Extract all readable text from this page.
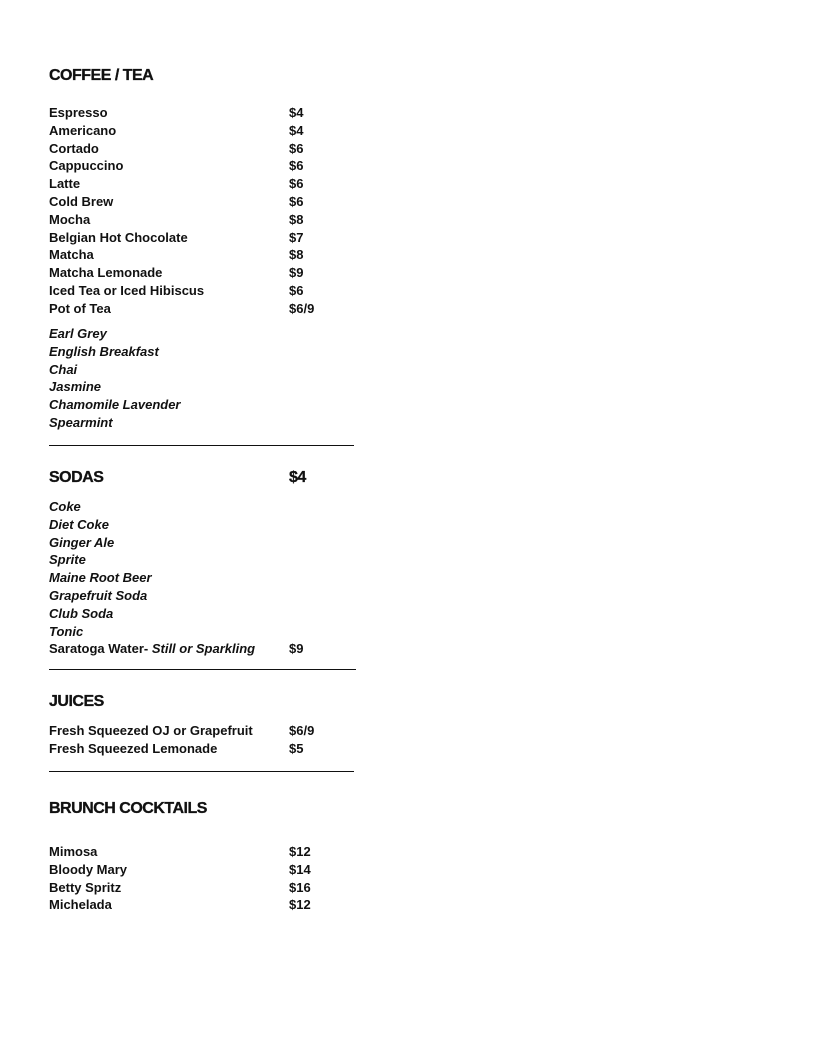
COFFEE / TEA
Espresso	$4
Americano	$4
Cortado	$6
Cappuccino	$6
Latte	$6
Cold Brew	$6
Mocha	$8
Belgian Hot Chocolate	$7
Matcha	$8
Matcha Lemonade	$9
Iced Tea or Iced Hibiscus	$6
Pot of Tea	$6/9
Earl Grey
English Breakfast
Chai
Jasmine
Chamomile Lavender
Spearmint
SODAS	$4
Coke
Diet Coke
Ginger Ale
Sprite
Maine Root Beer
Grapefruit Soda
Club Soda
Tonic
Saratoga Water- Still or Sparkling	$9
JUICES
Fresh Squeezed OJ or Grapefruit	$6/9
Fresh Squeezed Lemonade	$5
BRUNCH COCKTAILS
Mimosa	$12
Bloody Mary	$14
Betty Spritz	$16
Michelada	$12
